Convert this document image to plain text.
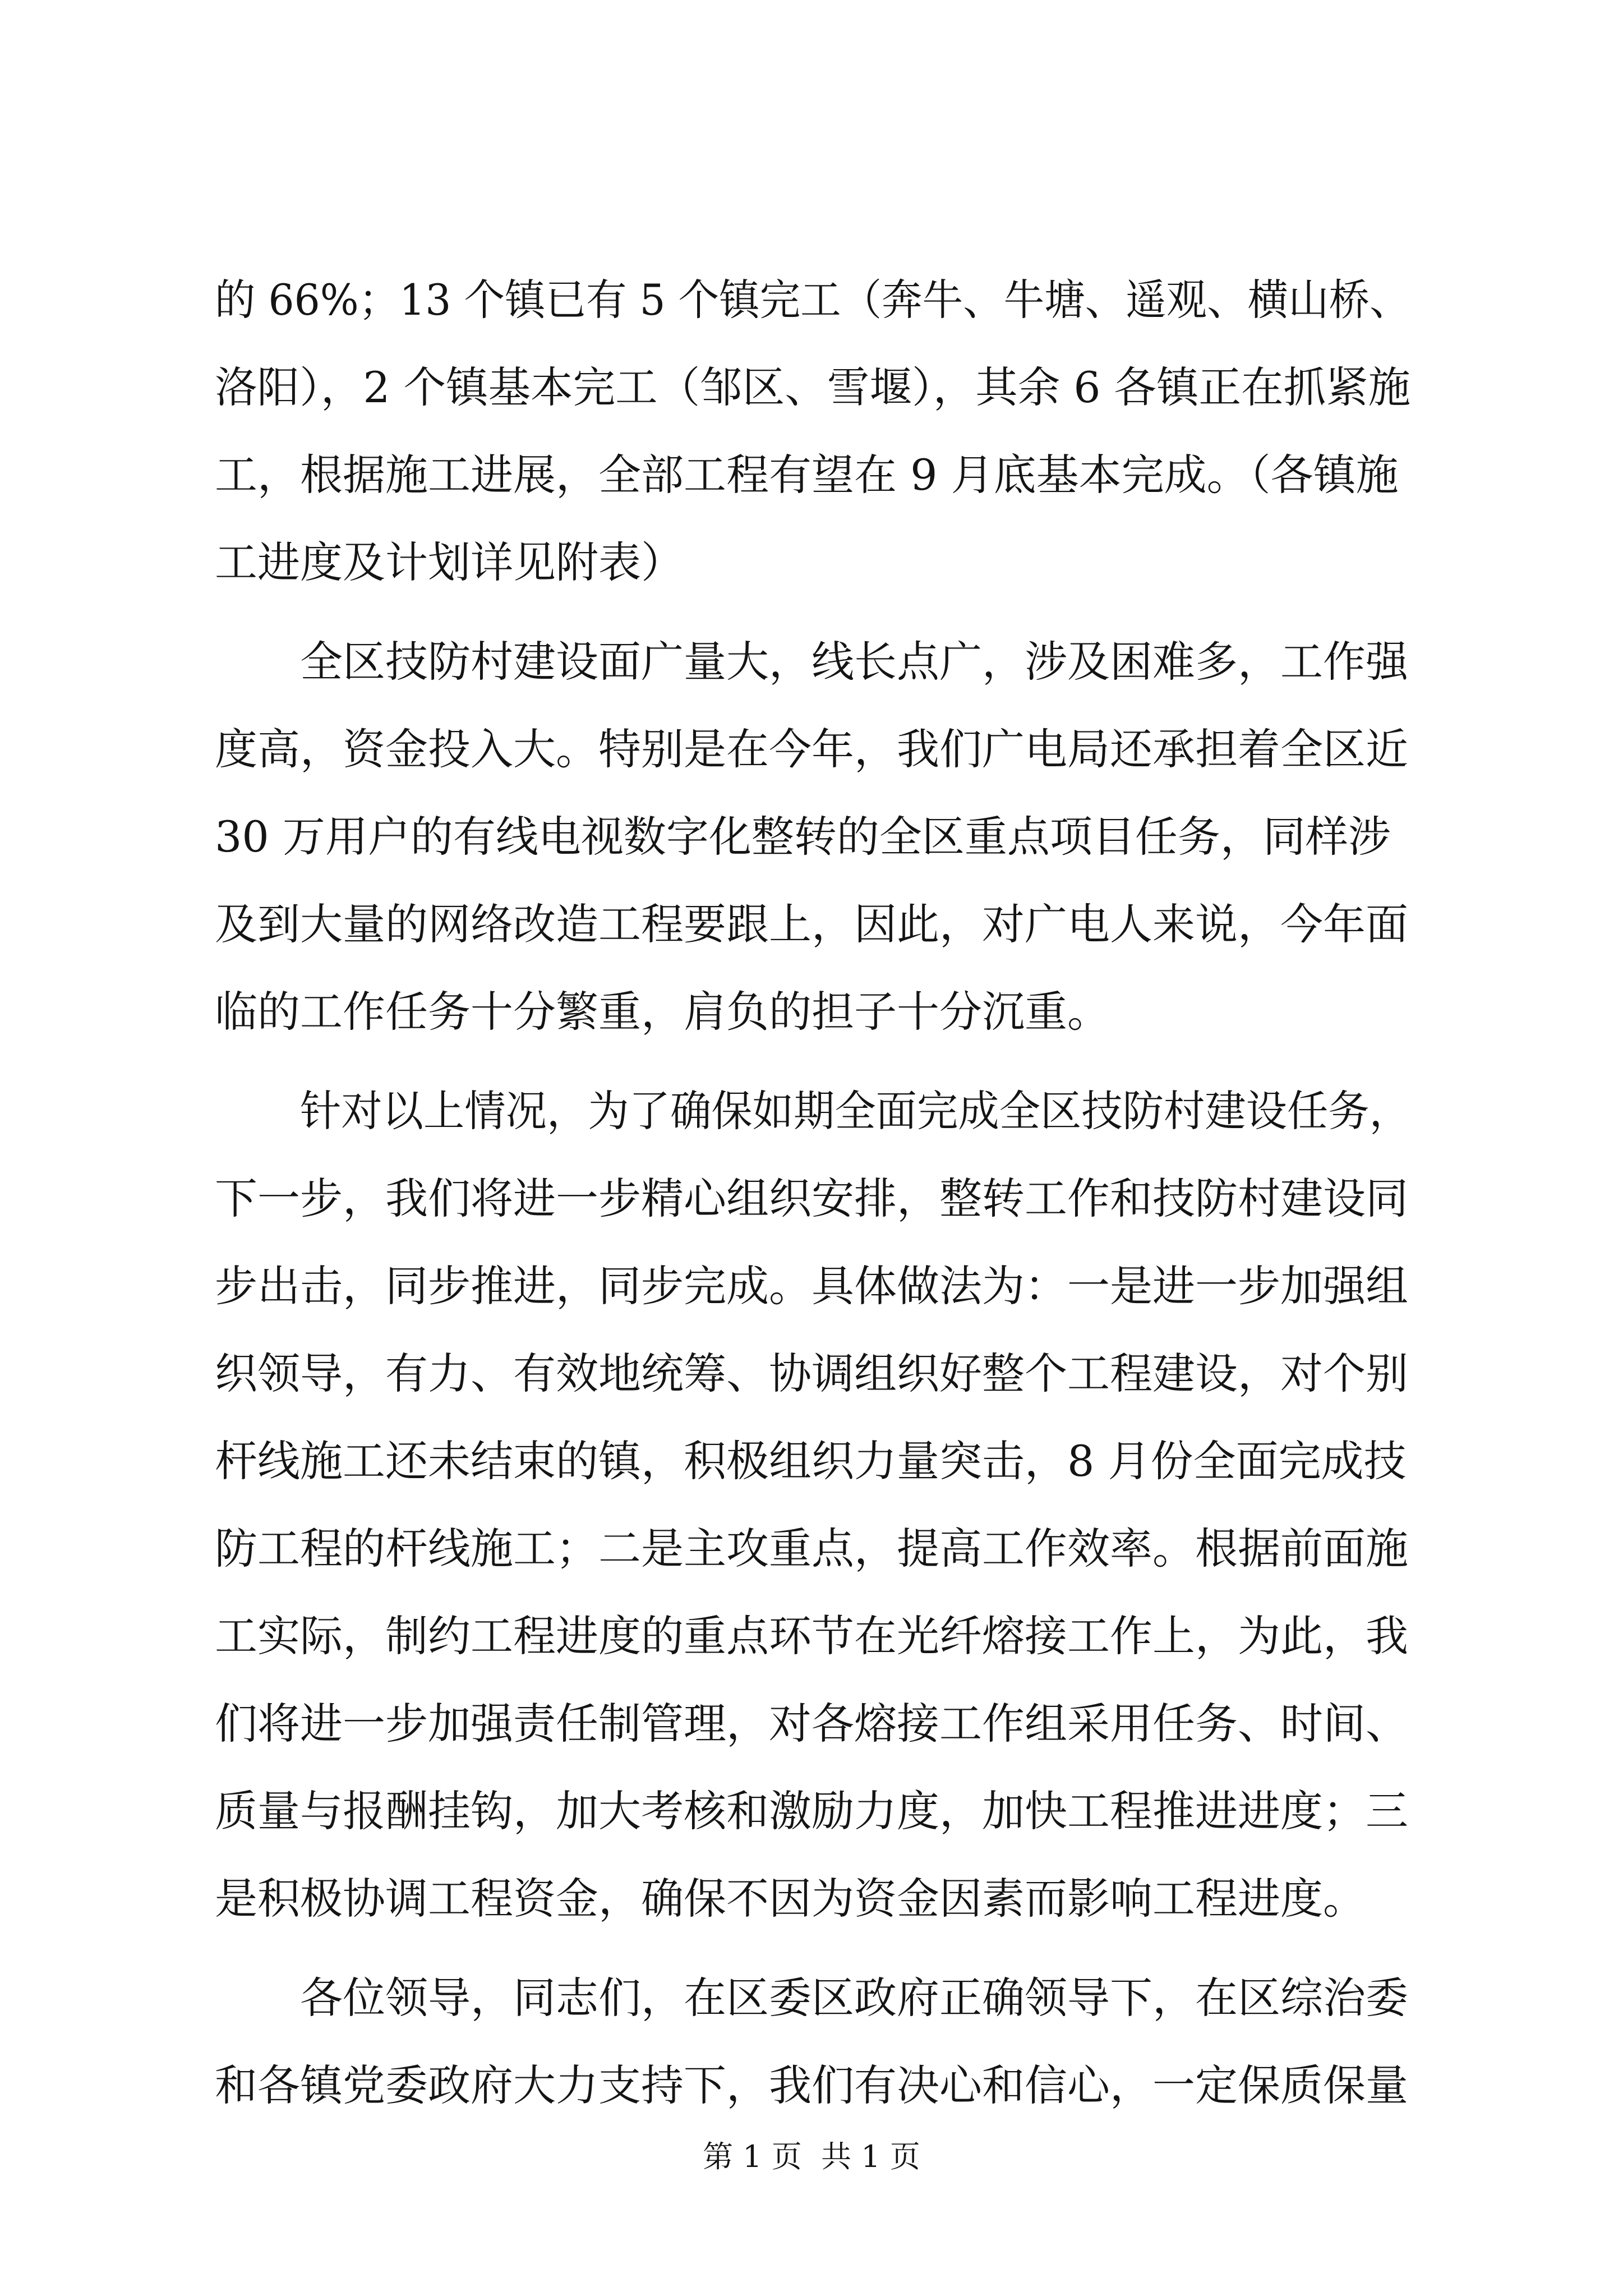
的 66%；13 个镇已有 5 个镇完工（奔牛、牛塘、遥观、横山桥、
洛阳），2 个镇基本完工（邹区、雪堰），其余 6 各镇正在抓紧施
工，根据施工进展，全部工程有望在 9 月底基本完成。（各镇施
工进度及计划详见附表）
全区技防村建设面广量大，线长点广，涉及困难多，工作强
度高，资金投入大。特别是在今年，我们广电局还承担着全区近
30 万用户的有线电视数字化整转的全区重点项目任务，同样涉
及到大量的网络改造工程要跟上，因此，对广电人来说，今年面
临的工作任务十分繁重，肩负的担子十分沉重。
针对以上情况，为了确保如期全面完成全区技防村建设任务，
下一步，我们将进一步精心组织安排，整转工作和技防村建设同
步出击，同步推进，同步完成。具体做法为：一是进一步加强组
织领导，有力、有效地统筹、协调组织好整个工程建设，对个别
杆线施工还未结束的镇，积极组织力量突击，8 月份全面完成技
防工程的杆线施工；二是主攻重点，提高工作效率。根据前面施
工实际，制约工程进度的重点环节在光纤熔接工作上，为此，我
们将进一步加强责任制管理，对各熔接工作组采用任务、时间、
质量与报酬挂钩，加大考核和激励力度，加快工程推进进度；三
是积极协调工程资金，确保不因为资金因素而影响工程进度。
各位领导，同志们，在区委区政府正确领导下，在区综治委
和各镇党委政府大力支持下，我们有决心和信心，一定保质保量
第 1 页  共 1 页
